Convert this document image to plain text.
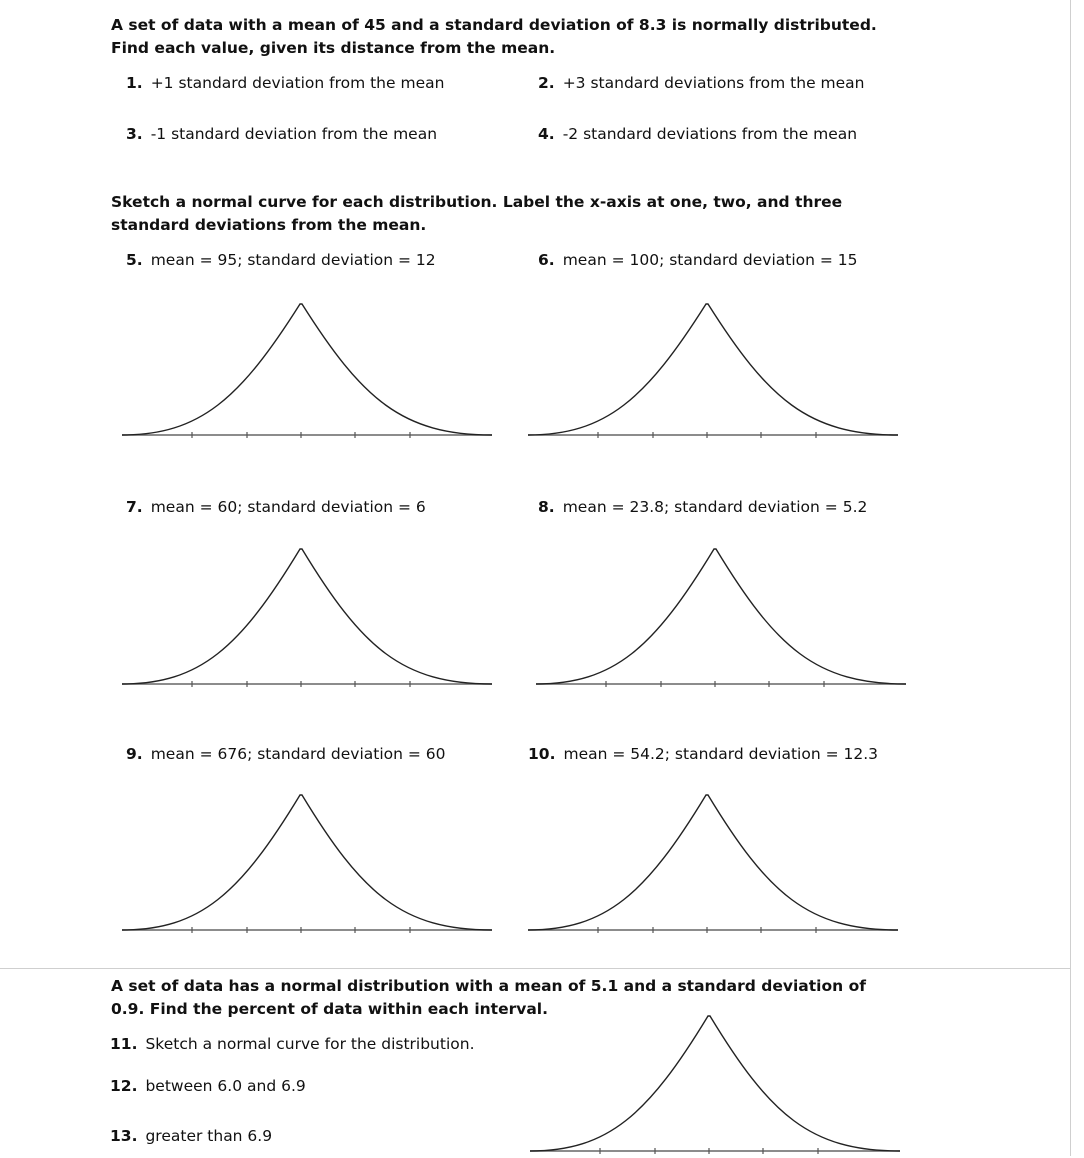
A set of data with a mean of 45 and a standard deviation of 8.3 is normally distributed.
Find each value, given its distance from the mean.

1. +1 standard deviation from the mean	2. +3 standard deviations from the mean
3. -1 standard deviation from the mean	4. -2 standard deviations from the mean

Sketch a normal curve for each distribution. Label the x-axis at one, two, and three
standard deviations from the mean.

5. mean = 95; standard deviation = 12	6. mean = 100; standard deviation = 15
7. mean = 60; standard deviation = 6	8. mean = 23.8; standard deviation = 5.2
9. mean = 676; standard deviation = 60	10. mean = 54.2; standard deviation = 12.3

A set of data has a normal distribution with a mean of 5.1 and a standard deviation of
0.9. Find the percent of data within each interval.

11. Sketch a normal curve for the distribution.
12. between 6.0 and 6.9
13. greater than 6.9
